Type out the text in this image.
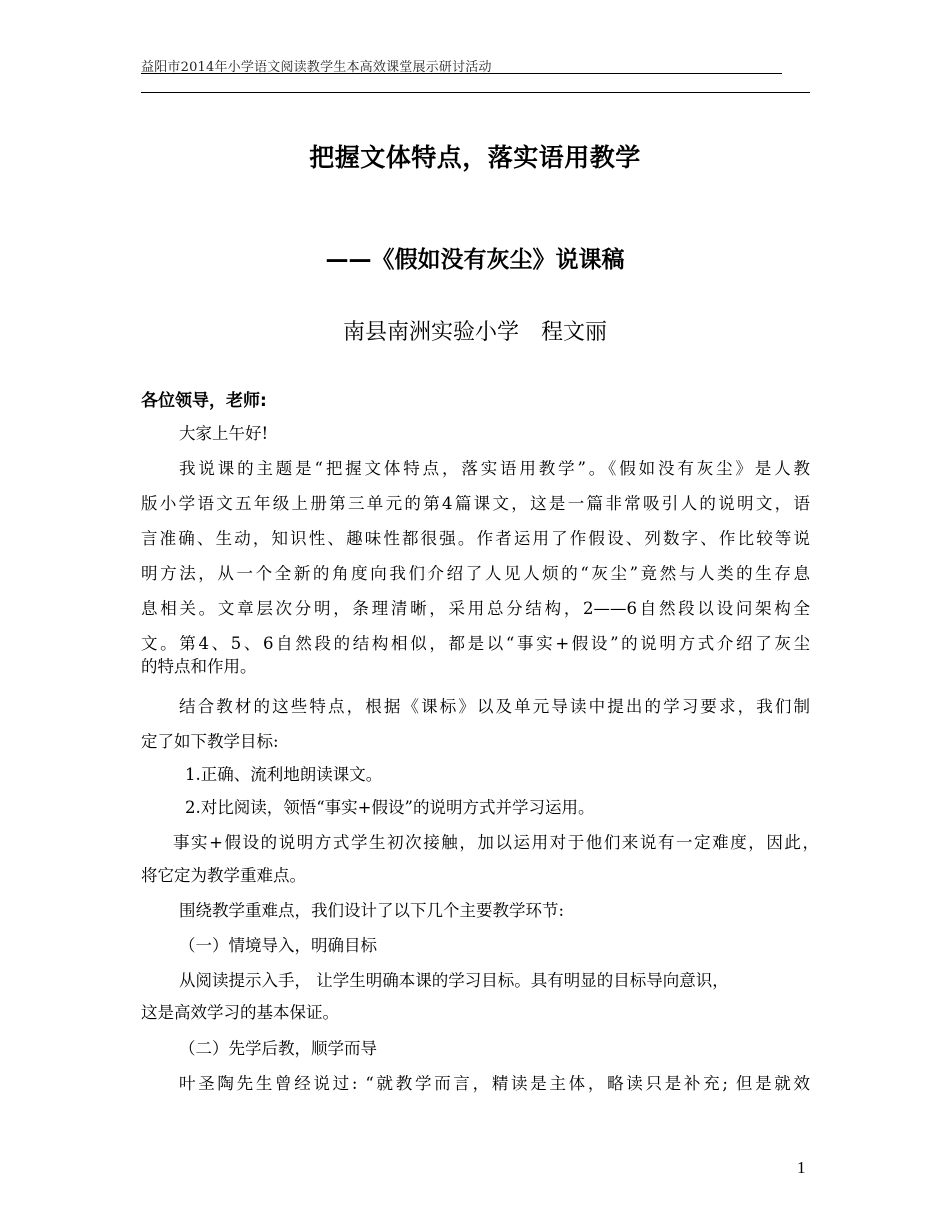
益阳市2014年小学语文阅读教学生本高效课堂展示研讨活动
把握文体特点，落实语用教学
——《假如没有灰尘》说课稿
南县南洲实验小学　程文丽
各位领导，老师:
大家上午好!
我说课的主题是“把握文体特点，落实语用教学”。《假如没有灰尘》是人教
版小学语文五年级上册第三单元的第4篇课文，这是一篇非常吸引人的说明文，语
言准确、生动，知识性、趣味性都很强。作者运用了作假设、列数字、作比较等说
明方法，从一个全新的角度向我们介绍了人见人烦的“灰尘”竟然与人类的生存息
息相关。文章层次分明，条理清晰，采用总分结构，2——6自然段以设问架构全
文。第4、5、6自然段的结构相似，都是以“事实+假设”的说明方式介绍了灰尘
的特点和作用。
结合教材的这些特点，根据《课标》以及单元导读中提出的学习要求，我们制
定了如下教学目标:
1.正确、流利地朗读课文。
2.对比阅读，领悟“事实+假设”的说明方式并学习运用。
事实+假设的说明方式学生初次接触，加以运用对于他们来说有一定难度，因此，
将它定为教学重难点。
围绕教学重难点，我们设计了以下几个主要教学环节:
（一）情境导入，明确目标
从阅读提示入手， 让学生明确本课的学习目标。具有明显的目标导向意识，
这是高效学习的基本保证。
（二）先学后教，顺学而导
叶圣陶先生曾经说过: “就教学而言，精读是主体，略读只是补充; 但是就效
1
